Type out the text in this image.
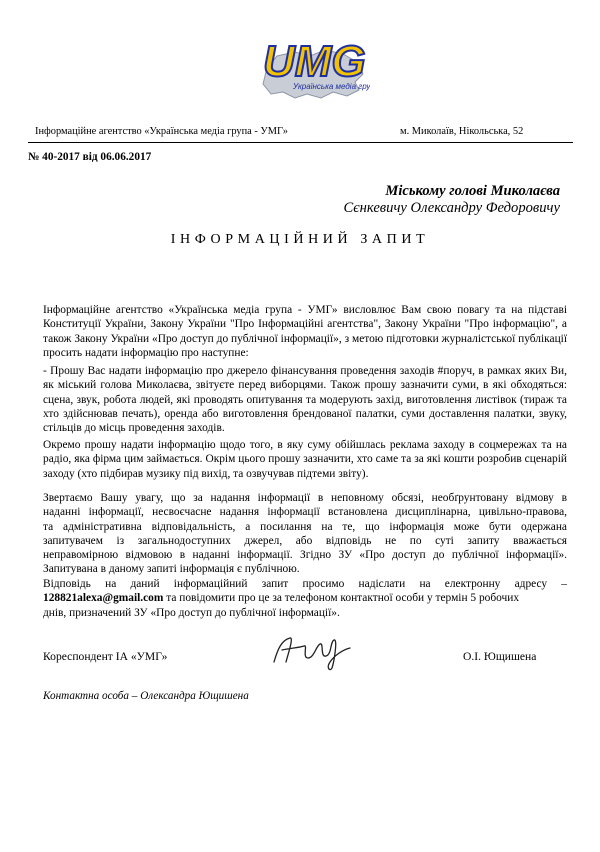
UMG
Українська медіа гру
Інформаційне агентство «Українська медіа група - УМГ»	м. Миколаїв, Нікольська, 52
№ 40-2017 від 06.06.2017
Міському голові Миколаєва
Сєнкевичу Олександру Федоровичу
ІНФОРМАЦІЙНИЙ ЗАПИТ
Інформаційне агентство «Українська медіа група - УМГ» висловлює Вам свою повагу та на підставі Конституції України, Закону України "Про Інформаційні агентства", Закону України "Про інформацію", а також Закону України «Про доступ до публічної інформації», з метою підготовки журналістської публікації просить надати інформацію про наступне:
- Прошу Вас надати інформацію про джерело фінансування проведення заходів #поруч, в рамках яких Ви, як міський голова Миколаєва, звітуєте перед виборцями. Також прошу зазначити суми, в які обходяться: сцена, звук, робота людей, які проводять опитування та модерують захід, виготовлення листівок (тираж та хто здійснював печать), оренда або виготовлення брендованої палатки, суми доставлення палатки, звуку, стільців до місць проведення заходів.
Окремо прошу надати інформацію щодо того, в яку суму обійшлась реклама заходу в соцмережах та на радіо, яка фірма цим займається. Окрім цього прошу зазначити, хто саме та за які кошти розробив сценарій заходу (хто підбирав музику під вихід, та озвучував підтеми звіту).
Звертаємо Вашу увагу, що за надання інформації в неповному обсязі, необґрунтовану відмову в
наданні інформації, несвоєчасне надання інформації встановлена дисциплінарна, цивільно-правова,
та адміністративна відповідальність, а посилання на те, що інформація може бути одержана
запитувачем із загальнодоступних джерел, або відповідь не по суті запиту вважається
неправомірною відмовою в наданні інформації. Згідно ЗУ «Про доступ до публічної інформації».
Запитувана в даному запиті інформація є публічною.
Відповідь на даний інформаційний запит просимо надіслати на електронну адресу –
128821alexa@gmail.com та повідомити про це за телефоном контактної особи у термін 5 робочих
днів, призначений ЗУ «Про доступ до публічної інформації».
Кореспондент ІА «УМГ»	О.І. Ющишена
Контактна особа – Олександра Ющишена
